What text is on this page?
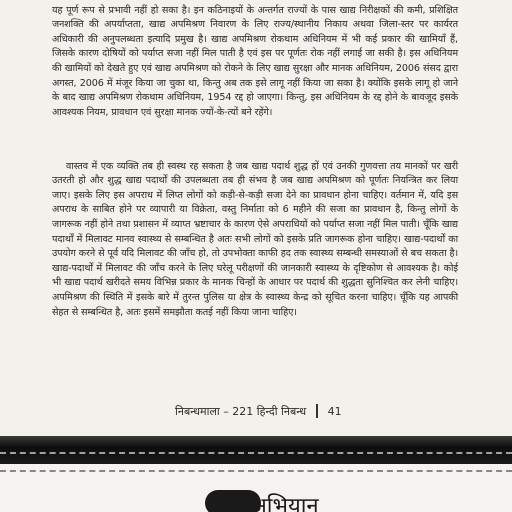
यह पूर्ण रूप से प्रभावी नहीं हो सका है। इन कठिनाइयों के अन्तर्गत राज्यों के पास खाद्य निरीक्षकों की कमी, प्रशिक्षित जनशक्ति की अपर्याप्तता, खाद्य अपमिश्रण निवारण के लिए राज्य/स्थानीय निकाय अथवा जिला-स्तर पर कार्यरत अधिकारी की अनुपलब्धता इत्यादि प्रमुख है। खाद्य अपमिश्रण रोकथाम अधिनियम में भी कई प्रकार की खामियाँ हैं, जिसके कारण दोषियों को पर्याप्त सजा नहीं मिल पाती है एवं इस पर पूर्णतः रोक नहीं लगाई जा सकी है। इस अधिनियम की खामियों को देखते हुए एवं खाद्य अपमिश्रण को रोकने के लिए खाद्य सुरक्षा और मानक अधिनियम, 2006 संसद द्वारा अगस्त, 2006 में मंजूर किया जा चुका था, किन्तु अब तक इसे लागू नहीं किया जा सका है। क्योंकि इसके लागू हो जाने के बाद खाद्य अपमिश्रण रोकथाम अधिनियम, 1954 रद्द हो जाएगा। किन्तु, इस अधिनियम के रद्द होने के बावजूद इसके आवश्यक नियम, प्रावधान एवं सुरक्षा मानक ज्यों-के-त्यों बने रहेंगे।

वास्तव में एक व्यक्ति तब ही स्वस्थ रह सकता है जब खाद्य पदार्थ शुद्ध हों एवं उनकी गुणवत्ता तय मानकों पर खरी उतरती हो और शुद्ध खाद्य पदार्थों की उपलब्धता तब ही संभव है जब खाद्य अपमिश्रण को पूर्णतः नियन्त्रित कर लिया जाए। इसके लिए इस अपराध में लिप्त लोगों को कड़ी-से-कड़ी सजा देने का प्रावधान होना चाहिए। वर्तमान में, यदि इस अपराध के साबित होने पर व्यापारी या विक्रेता, वस्तु निर्माता को 6 महीने की सजा का प्रावधान है, किन्तु लोगों के जागरूक नहीं होने तथा प्रशासन में व्याप्त भ्रष्टाचार के कारण ऐसे अपराधियों को पर्याप्त सजा नहीं मिल पाती। चूँकि खाद्य पदार्थों में मिलावट मानव स्वास्थ्य से सम्बन्धित है अतः सभी लोगों को इसके प्रति जागरूक होना चाहिए। खाद्य-पदार्थों का उपयोग करने से पूर्व यदि मिलावट की जाँच हो, तो उपभोक्ता काफी हद तक स्वास्थ्य सम्बन्धी समस्याओं से बच सकता है। खाद्य-पदार्थों में मिलावट की जाँच करने के लिए घरेलू परीक्षणों की जानकारी स्वास्थ्य के दृष्टिकोण से आवश्यक है। कोई भी खाद्य पदार्थ खरीदते समय विभिन्न प्रकार के मानक चिन्हों के आधार पर पदार्थ की शुद्धता सुनिश्चित कर लेनी चाहिए। अपमिश्रण की स्थिति में इसके बारे में तुरन्त पुलिस या क्षेत्र के स्वास्थ्य केन्द्र को सूचित करना चाहिए। चूँकि यह आपकी सेहत से सम्बन्धित है, अतः इसमें समझौता कतई नहीं किया जाना चाहिए।

निबन्धमाला – 221 हिन्दी निबन्ध 41
अभियान
